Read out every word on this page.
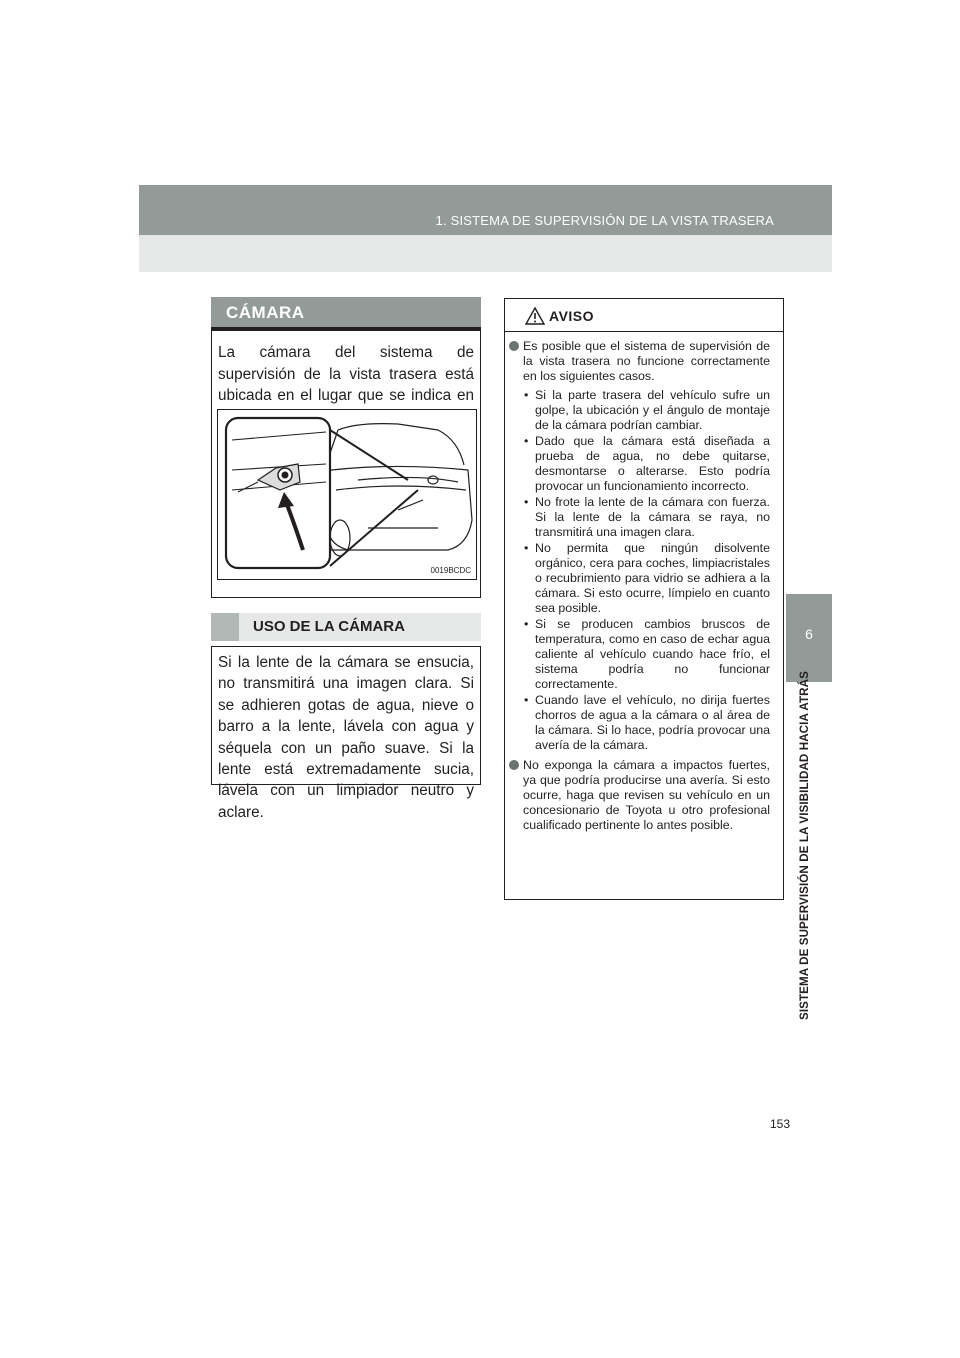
1. SISTEMA DE SUPERVISIÓN DE LA VISTA TRASERA
6
SISTEMA DE SUPERVISIÓN DE LA VISIBILIDAD HACIA ATRÁS
CÁMARA

La cámara del sistema de supervisión de la vista trasera está ubicada en el lugar que se indica en

0019BCDC
USO DE LA CÁMARA

Si la lente de la cámara se ensucia, no transmitirá una imagen clara. Si se adhieren gotas de agua, nieve o barro a la lente, lávela con agua y séquela con un paño suave. Si la lente está extremadamente sucia, lávela con un limpiador neutro y aclare.

AVISO
Es posible que el sistema de supervisión de la vista trasera no funcione correctamente en los siguientes casos.
• Si la parte trasera del vehículo sufre un golpe, la ubicación y el ángulo de montaje de la cámara podrían cambiar.
• Dado que la cámara está diseñada a prueba de agua, no debe quitarse, desmontarse o alterarse. Esto podría provocar un funcionamiento incorrecto.
• No frote la lente de la cámara con fuerza. Si la lente de la cámara se raya, no transmitirá una imagen clara.
• No permita que ningún disolvente orgánico, cera para coches, limpiacristales o recubrimiento para vidrio se adhiera a la cámara. Si esto ocurre, límpielo en cuanto sea posible.
• Si se producen cambios bruscos de temperatura, como en caso de echar agua caliente al vehículo cuando hace frío, el sistema podría no funcionar correctamente.
• Cuando lave el vehículo, no dirija fuertes chorros de agua a la cámara o al área de la cámara. Si lo hace, podría provocar una avería de la cámara.
No exponga la cámara a impactos fuertes, ya que podría producirse una avería. Si esto ocurre, haga que revisen su vehículo en un concesionario de Toyota u otro profesional cualificado pertinente lo antes posible.
153
